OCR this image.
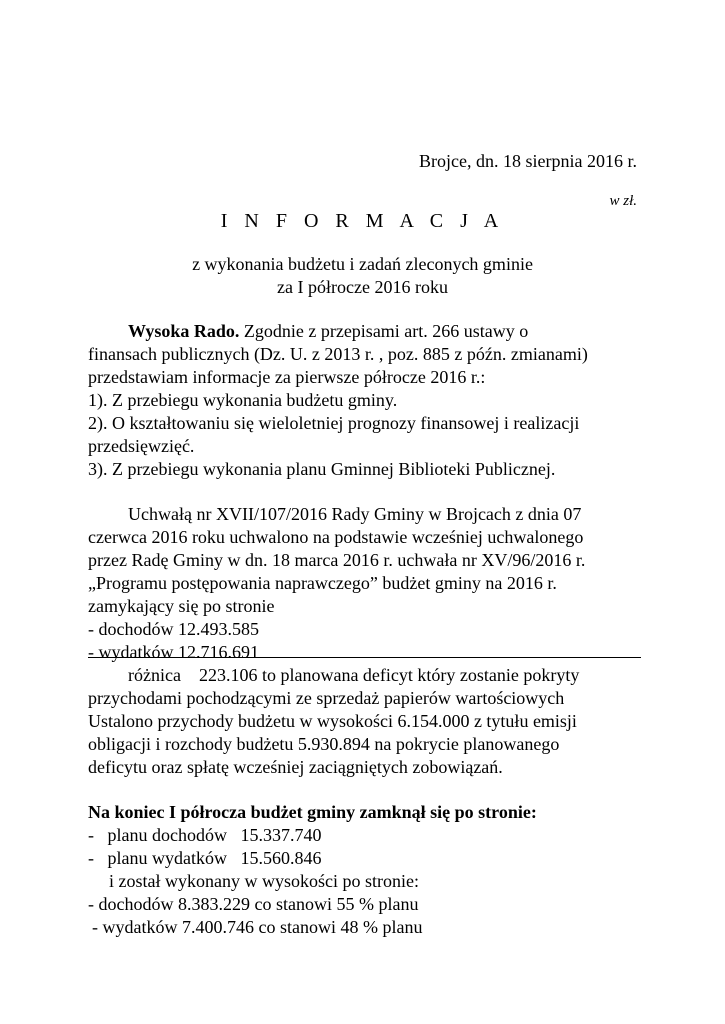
Brojce, dn. 18 sierpnia 2016 r.
w zł.
I N F O R M A C J A
z wykonania budżetu i zadań zleconych gminie
za I półrocze 2016 roku
Wysoka Rado. Zgodnie z przepisami art. 266 ustawy o
finansach publicznych (Dz. U. z 2013 r. , poz. 885 z późn. zmianami)
przedstawiam informacje za pierwsze półrocze 2016 r.:
1). Z przebiegu wykonania budżetu gminy.
2). O kształtowaniu się wieloletniej prognozy finansowej i realizacji
przedsięwzięć.
3). Z przebiegu wykonania planu Gminnej Biblioteki Publicznej.
Uchwałą nr XVII/107/2016 Rady Gminy w Brojcach z dnia 07
czerwca 2016 roku uchwalono na podstawie wcześniej uchwalonego
przez Radę Gminy w dn. 18 marca 2016 r. uchwała nr XV/96/2016 r.
„Programu postępowania naprawczego” budżet gminy na 2016 r.
zamykający się po stronie
- dochodów 12.493.585
- wydatków 12.716.691
różnica    223.106 to planowana deficyt który zostanie pokryty
przychodami pochodzącymi ze sprzedaż papierów wartościowych
Ustalono przychody budżetu w wysokości 6.154.000 z tytułu emisji
obligacji i rozchody budżetu 5.930.894 na pokrycie planowanego
deficytu oraz spłatę wcześniej zaciągniętych zobowiązań.
Na koniec I półrocza budżet gminy zamknął się po stronie:
-   planu dochodów   15.337.740
-   planu wydatków   15.560.846
i został wykonany w wysokości po stronie:
- dochodów 8.383.229 co stanowi 55 % planu
- wydatków 7.400.746 co stanowi 48 % planu
